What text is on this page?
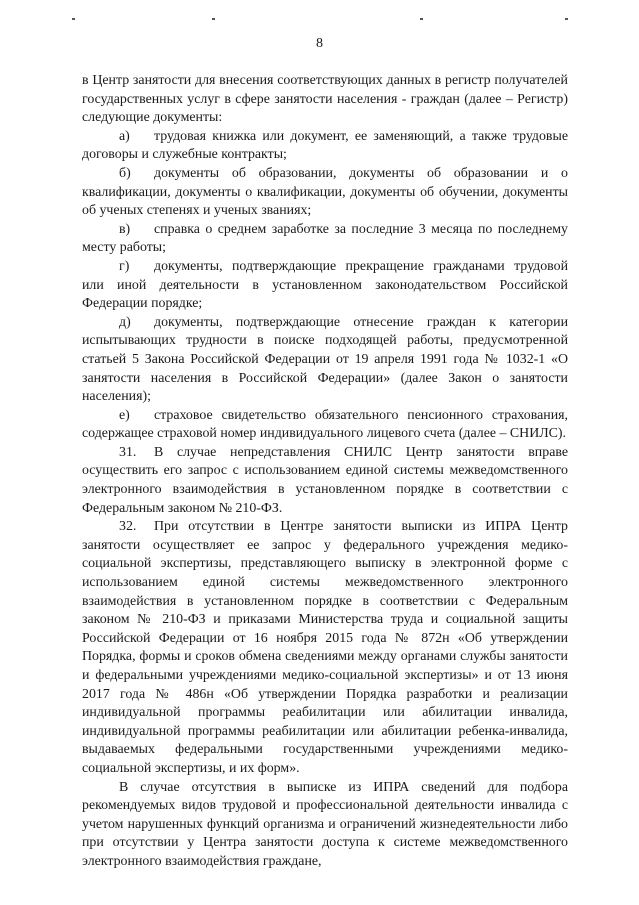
8

в Центр занятости для внесения соответствующих данных в регистр получателей государственных услуг в сфере занятости населения - граждан (далее – Регистр) следующие документы:

а) трудовая книжка или документ, ее заменяющий, а также трудовые договоры и служебные контракты;

б) документы об образовании, документы об образовании и о квалификации, документы о квалификации, документы об обучении, документы об ученых степенях и ученых званиях;

в) справка о среднем заработке за последние 3 месяца по последнему месту работы;

г) документы, подтверждающие прекращение гражданами трудовой или иной деятельности в установленном законодательством Российской Федерации порядке;

д) документы, подтверждающие отнесение граждан к категории испытывающих трудности в поиске подходящей работы, предусмотренной статьей 5 Закона Российской Федерации от 19 апреля 1991 года № 1032-1 «О занятости населения в Российской Федерации» (далее Закон о занятости населения);

е) страховое свидетельство обязательного пенсионного страхования, содержащее страховой номер индивидуального лицевого счета (далее – СНИЛС).

31. В случае непредставления СНИЛС Центр занятости вправе осуществить его запрос с использованием единой системы межведомственного электронного взаимодействия в установленном порядке в соответствии с Федеральным законом № 210-ФЗ.

32. При отсутствии в Центре занятости выписки из ИПРА Центр занятости осуществляет ее запрос у федерального учреждения медико-социальной экспертизы, представляющего выписку в электронной форме с использованием единой системы межведомственного электронного взаимодействия в установленном порядке в соответствии с Федеральным законом № 210-ФЗ и приказами Министерства труда и социальной защиты Российской Федерации от 16 ноября 2015 года № 872н «Об утверждении Порядка, формы и сроков обмена сведениями между органами службы занятости и федеральными учреждениями медико-социальной экспертизы» и от 13 июня 2017 года № 486н «Об утверждении Порядка разработки и реализации индивидуальной программы реабилитации или абилитации инвалида, индивидуальной программы реабилитации или абилитации ребенка-инвалида, выдаваемых федеральными государственными учреждениями медико-социальной экспертизы, и их форм».

В случае отсутствия в выписке из ИПРА сведений для подбора рекомендуемых видов трудовой и профессиональной деятельности инвалида с учетом нарушенных функций организма и ограничений жизнедеятельности либо при отсутствии у Центра занятости доступа к системе межведомственного электронного взаимодействия граждане,
